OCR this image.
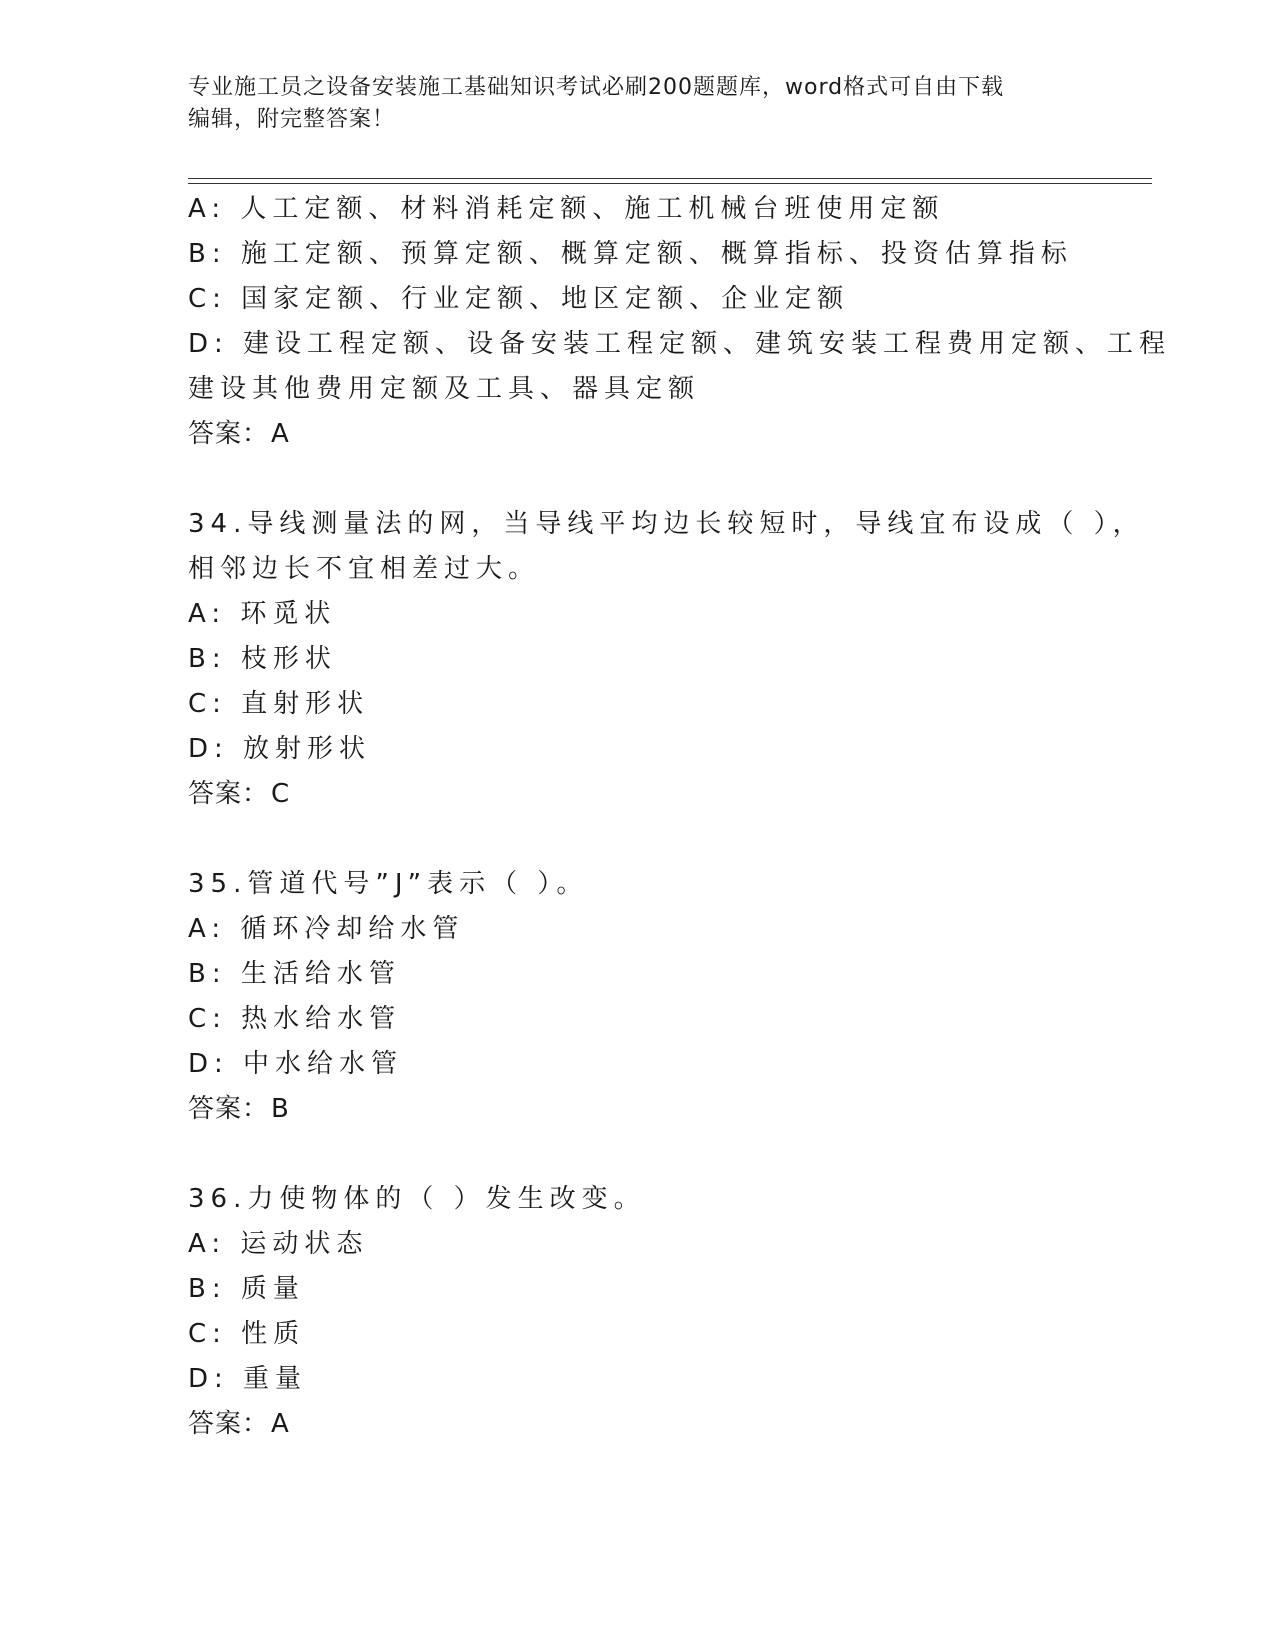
专业施工员之设备安装施工基础知识考试必刷200题题库，word格式可自由下载
编辑，附完整答案！
A: 人工定额、材料消耗定额、施工机械台班使用定额
B: 施工定额、预算定额、概算定额、概算指标、投资估算指标
C: 国家定额、行业定额、地区定额、企业定额
D: 建设工程定额、设备安装工程定额、建筑安装工程费用定额、工程
建设其他费用定额及工具、器具定额
答案：A
34.导线测量法的网，当导线平均边长较短时，导线宜布设成（ ），
相邻边长不宜相差过大。
A: 环觅状
B: 枝形状
C: 直射形状
D: 放射形状
答案：C
35.管道代号”J”表示（ ）。
A: 循环冷却给水管
B: 生活给水管
C: 热水给水管
D: 中水给水管
答案：B
36.力使物体的（ ）发生改变。
A: 运动状态
B: 质量
C: 性质
D: 重量
答案：A
